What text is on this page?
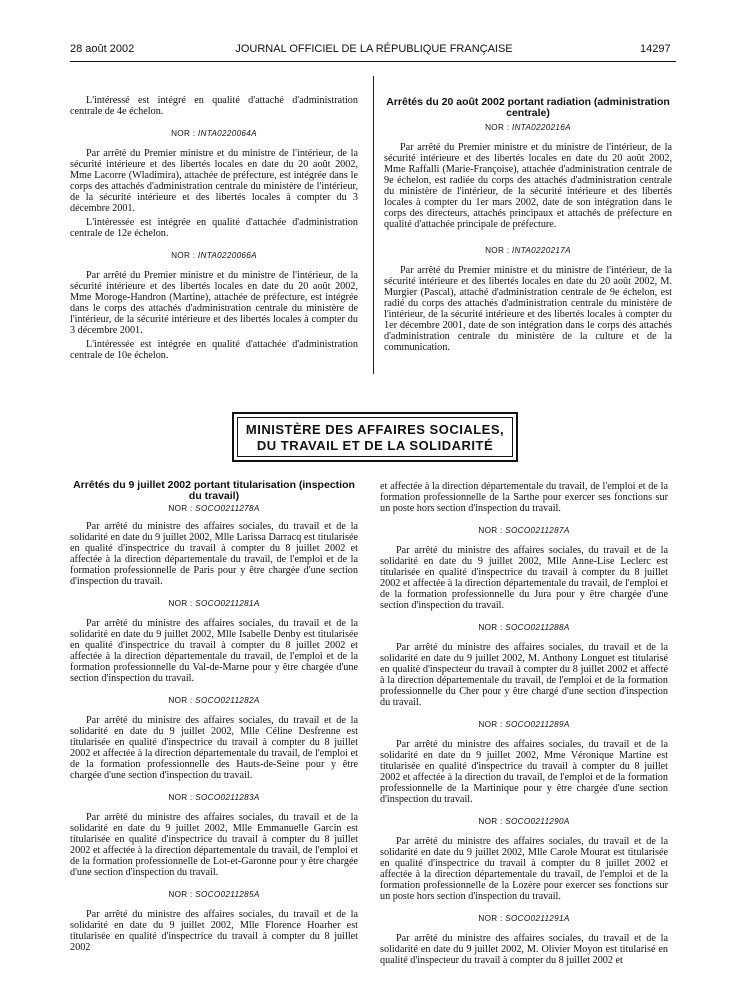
28 août 2002	JOURNAL OFFICIEL DE LA RÉPUBLIQUE FRANÇAISE	14297

L'intéressé est intégré en qualité d'attaché d'administration centrale de 4e échelon.

NOR : INTA0220064A

Par arrêté du Premier ministre et du ministre de l'intérieur, de la sécurité intérieure et des libertés locales en date du 20 août 2002, Mme Lacorre (Wladimira), attachée de préfecture, est intégrée dans le corps des attachés d'administration centrale du ministère de l'intérieur, de la sécurité intérieure et des libertés locales à compter du 3 décembre 2001.

L'intéressée est intégrée en qualité d'attachée d'administration centrale de 12e échelon.

NOR : INTA0220066A

Par arrêté du Premier ministre et du ministre de l'intérieur, de la sécurité intérieure et des libertés locales en date du 20 août 2002, Mme Moroge-Handron (Martine), attachée de préfecture, est intégrée dans le corps des attachés d'administration centrale du ministère de l'intérieur, de la sécurité intérieure et des libertés locales à compter du 3 décembre 2001.

L'intéressée est intégrée en qualité d'attachée d'administration centrale de 10e échelon.

Arrêtés du 20 août 2002 portant radiation (administration centrale)
NOR : INTA0220216A

Par arrêté du Premier ministre et du ministre de l'intérieur, de la sécurité intérieure et des libertés locales en date du 20 août 2002, Mme Raffalli (Marie-Françoise), attachée d'administration centrale de 9e échelon, est radiée du corps des attachés d'administration centrale du ministère de l'intérieur, de la sécurité intérieure et des libertés locales à compter du 1er mars 2002, date de son intégration dans le corps des directeurs, attachés principaux et attachés de préfecture en qualité d'attachée principale de préfecture.

NOR : INTA0220217A

Par arrêté du Premier ministre et du ministre de l'intérieur, de la sécurité intérieure et des libertés locales en date du 20 août 2002, M. Murgier (Pascal), attaché d'administration centrale de 9e échelon, est radié du corps des attachés d'administration centrale du ministère de l'intérieur, de la sécurité intérieure et des libertés locales à compter du 1er décembre 2001, date de son intégration dans le corps des attachés d'administration centrale du ministère de la culture et de la communication.

MINISTÈRE DES AFFAIRES SOCIALES,
DU TRAVAIL ET DE LA SOLIDARITÉ
Arrêtés du 9 juillet 2002 portant titularisation (inspection du travail)
NOR : SOCO0211278A

Par arrêté du ministre des affaires sociales, du travail et de la solidarité en date du 9 juillet 2002, Mlle Larissa Darracq est titularisée en qualité d'inspectrice du travail à compter du 8 juillet 2002 et affectée à la direction départementale du travail, de l'emploi et de la formation professionnelle de Paris pour y être chargée d'une section d'inspection du travail.

NOR : SOCO0211281A

Par arrêté du ministre des affaires sociales, du travail et de la solidarité en date du 9 juillet 2002, Mlle Isabelle Denby est titularisée en qualité d'inspectrice du travail à compter du 8 juillet 2002 et affectée à la direction départementale du travail, de l'emploi et de la formation professionnelle du Val-de-Marne pour y être chargée d'une section d'inspection du travail.

NOR : SOCO0211282A

Par arrêté du ministre des affaires sociales, du travail et de la solidarité en date du 9 juillet 2002, Mlle Céline Desfrenne est titularisée en qualité d'inspectrice du travail à compter du 8 juillet 2002 et affectée à la direction départementale du travail, de l'emploi et de la formation professionnelle des Hauts-de-Seine pour y être chargée d'une section d'inspection du travail.

NOR : SOCO0211283A

Par arrêté du ministre des affaires sociales, du travail et de la solidarité en date du 9 juillet 2002, Mlle Emmanuelle Garcin est titularisée en qualité d'inspectrice du travail à compter du 8 juillet 2002 et affectée à la direction départementale du travail, de l'emploi et de la formation professionnelle de Lot-et-Garonne pour y être chargée d'une section d'inspection du travail.

NOR : SOCO0211285A

Par arrêté du ministre des affaires sociales, du travail et de la solidarité en date du 9 juillet 2002, Mlle Florence Hoarher est titularisée en qualité d'inspectrice du travail à compter du 8 juillet 2002

et affectée à la direction départementale du travail, de l'emploi et de la formation professionnelle de la Sarthe pour exercer ses fonctions sur un poste hors section d'inspection du travail.

NOR : SOCO0211287A

Par arrêté du ministre des affaires sociales, du travail et de la solidarité en date du 9 juillet 2002, Mlle Anne-Lise Leclerc est titularisée en qualité d'inspectrice du travail à compter du 8 juillet 2002 et affectée à la direction départementale du travail, de l'emploi et de la formation professionnelle du Jura pour y être chargée d'une section d'inspection du travail.

NOR : SOCO0211288A

Par arrêté du ministre des affaires sociales, du travail et de la solidarité en date du 9 juillet 2002, M. Anthony Longuet est titularisé en qualité d'inspecteur du travail à compter du 8 juillet 2002 et affecté à la direction départementale du travail, de l'emploi et de la formation professionnelle du Cher pour y être chargé d'une section d'inspection du travail.

NOR : SOCO0211289A

Par arrêté du ministre des affaires sociales, du travail et de la solidarité en date du 9 juillet 2002, Mme Véronique Martine est titularisée en qualité d'inspectrice du travail à compter du 8 juillet 2002 et affectée à la direction du travail, de l'emploi et de la formation professionnelle de la Martinique pour y être chargée d'une section d'inspection du travail.

NOR : SOCO0211290A

Par arrêté du ministre des affaires sociales, du travail et de la solidarité en date du 9 juillet 2002, Mlle Carole Mourat est titularisée en qualité d'inspectrice du travail à compter du 8 juillet 2002 et affectée à la direction départementale du travail, de l'emploi et de la formation professionnelle de la Lozère pour exercer ses fonctions sur un poste hors section d'inspection du travail.

NOR : SOCO0211291A

Par arrêté du ministre des affaires sociales, du travail et de la solidarité en date du 9 juillet 2002, M. Olivier Moyon est titularisé en qualité d'inspecteur du travail à compter du 8 juillet 2002 et
